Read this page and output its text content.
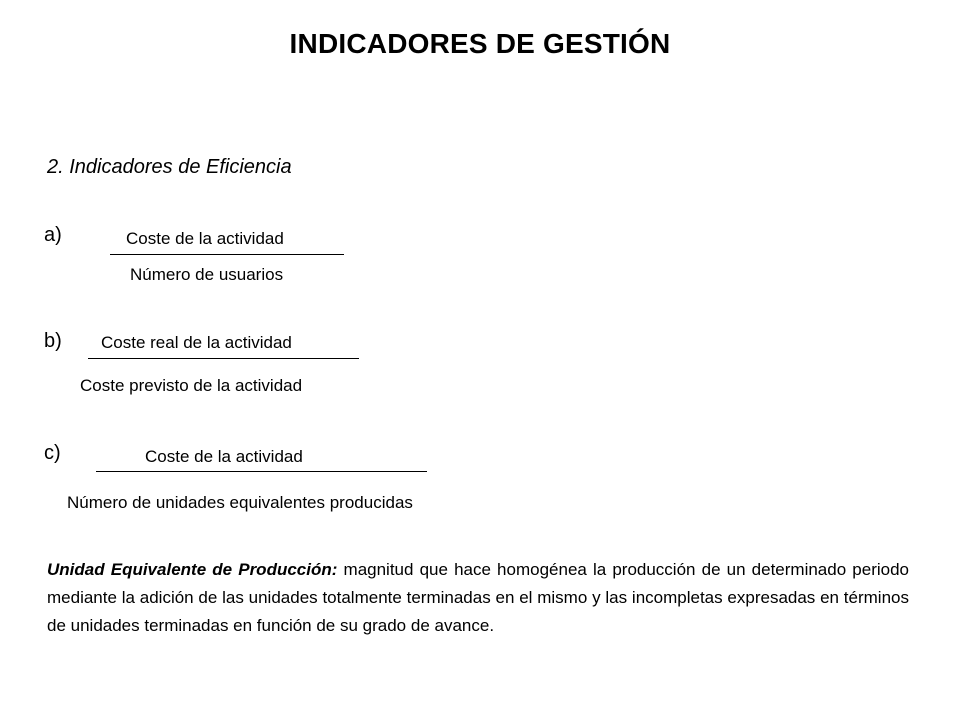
INDICADORES DE GESTIÓN
2. Indicadores de Eficiencia
a)	Coste de la actividad
Número de usuarios
b) Coste real de la actividad
Coste previsto de la actividad
c)	Coste de la actividad
Número de unidades equivalentes producidas
Unidad Equivalente de Producción: magnitud que hace homogénea la producción de un determinado periodo mediante la adición de las unidades totalmente terminadas en el mismo y las incompletas expresadas en términos de unidades terminadas en función de su grado de avance.
